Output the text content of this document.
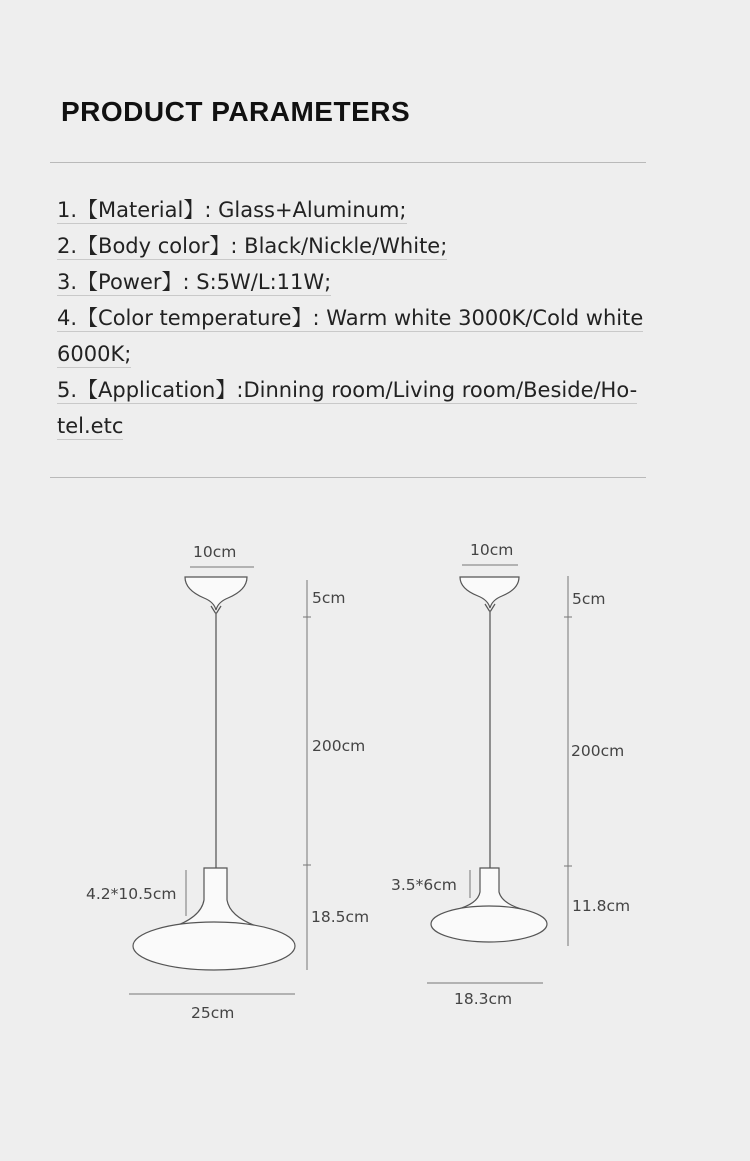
PRODUCT PARAMETERS
1.【Material】: Glass+Aluminum;
2.【Body color】: Black/Nickle/White;
3.【Power】: S:5W/L:11W;
4.【Color temperature】: Warm white 3000K/Cold white
6000K;
5.【Application】:Dinning room/Living room/Beside/Ho-
tel.etc
10cm
5cm
200cm
4.2*10.5cm
18.5cm
25cm
10cm
5cm
200cm
3.5*6cm
11.8cm
18.3cm
